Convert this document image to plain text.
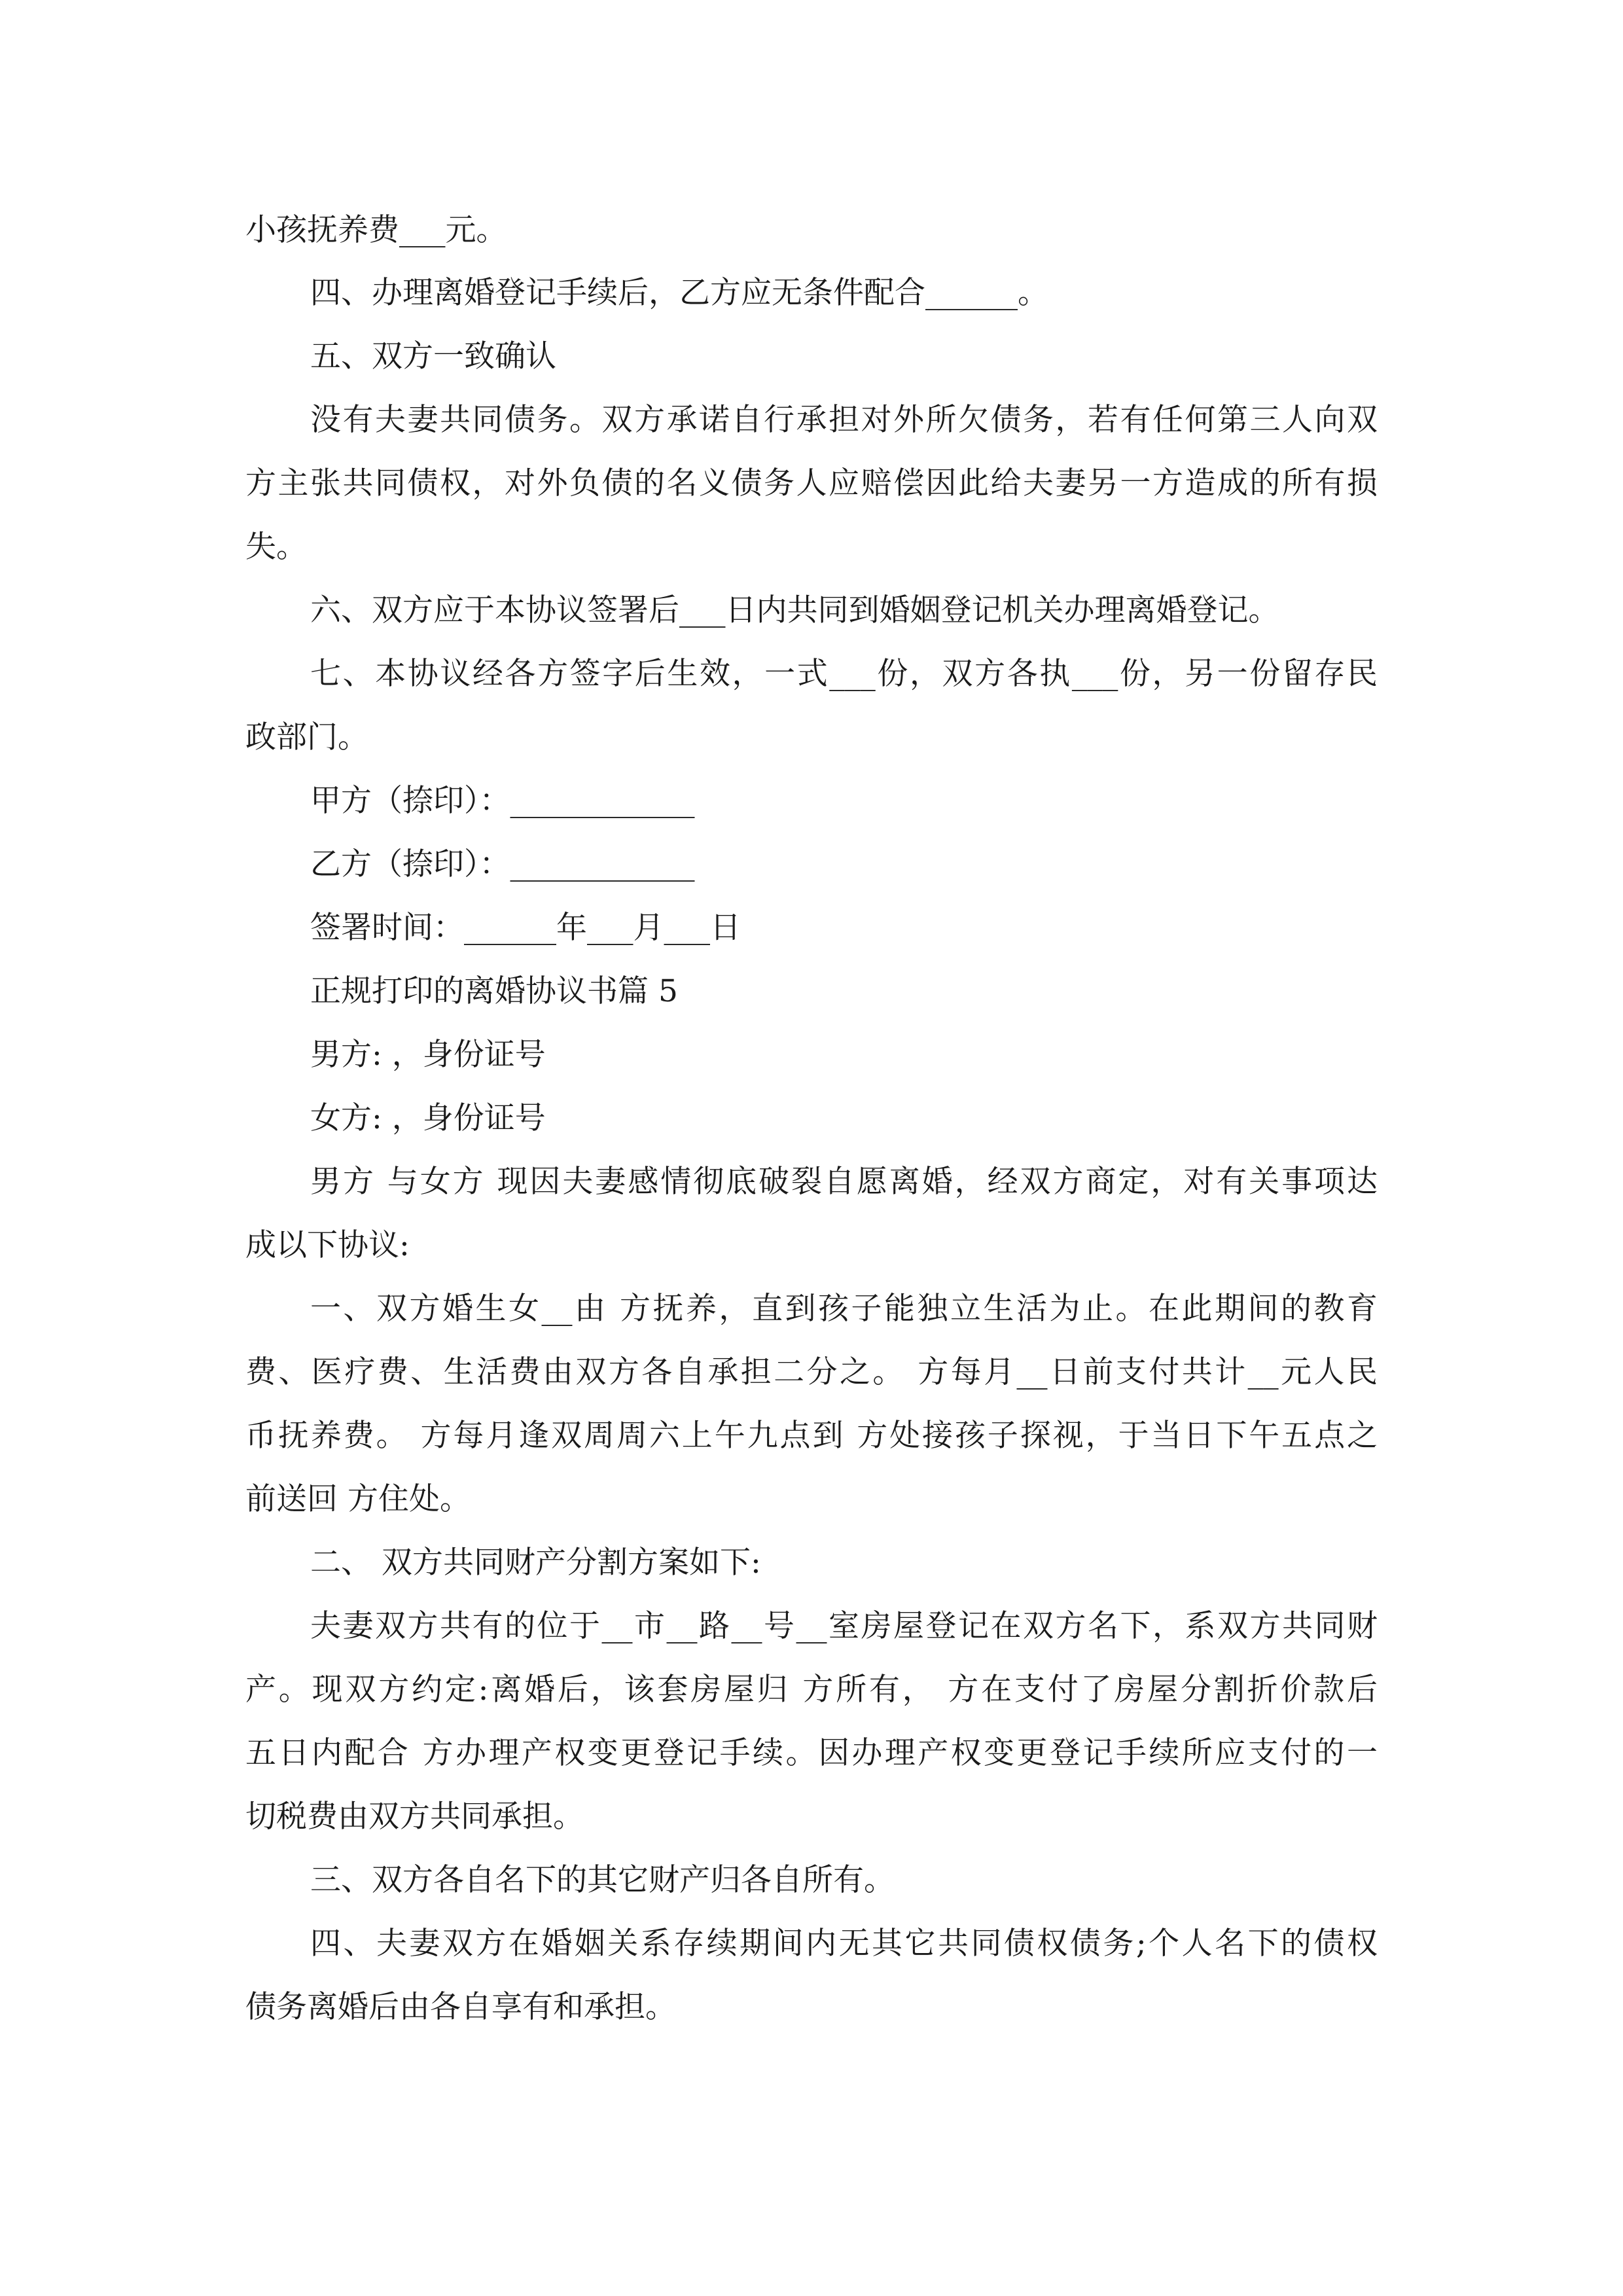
小孩抚养费___元。

四、办理离婚登记手续后，乙方应无条件配合______。

五、双方一致确认

没有夫妻共同债务。双方承诺自行承担对外所欠债务，若有任何第三人向双

方主张共同债权，对外负债的名义债务人应赔偿因此给夫妻另一方造成的所有损

失。

六、双方应于本协议签署后___日内共同到婚姻登记机关办理离婚登记。

七、本协议经各方签字后生效，一式___份，双方各执___份，另一份留存民

政部门。

甲方（捺印）：____________

乙方（捺印）：____________

签署时间：______年___月___日

正规打印的离婚协议书篇 5

男方: ，身份证号

女方: ，身份证号

男方 与女方 现因夫妻感情彻底破裂自愿离婚，经双方商定，对有关事项达

成以下协议:

一、双方婚生女__由 方抚养，直到孩子能独立生活为止。在此期间的教育

费、医疗费、生活费由双方各自承担二分之。 方每月__日前支付共计__元人民

币抚养费。 方每月逢双周周六上午九点到 方处接孩子探视，于当日下午五点之

前送回 方住处。

二、 双方共同财产分割方案如下:

夫妻双方共有的位于__市__路__号__室房屋登记在双方名下，系双方共同财

产。现双方约定:离婚后，该套房屋归 方所有， 方在支付了房屋分割折价款后

五日内配合 方办理产权变更登记手续。因办理产权变更登记手续所应支付的一

切税费由双方共同承担。

三、双方各自名下的其它财产归各自所有。

四、夫妻双方在婚姻关系存续期间内无其它共同债权债务;个人名下的债权

债务离婚后由各自享有和承担。
